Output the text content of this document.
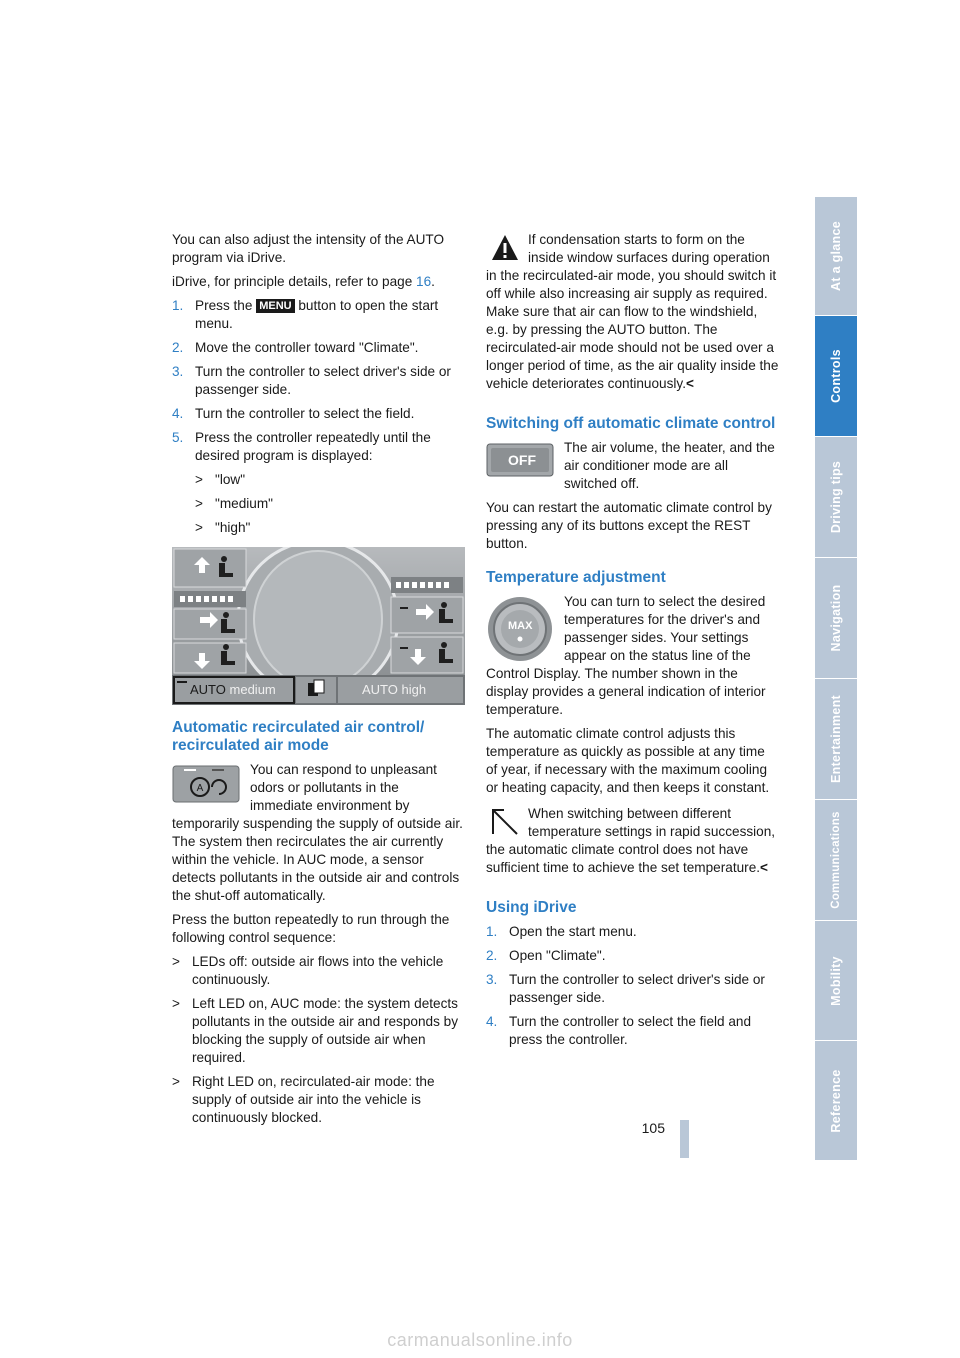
You can also adjust the intensity of the AUTO program via iDrive.

iDrive, for principle details, refer to page 16.

1. Press the MENU button to open the start menu.
2. Move the controller toward "Climate".
3. Turn the controller to select driver's side or passenger side.
4. Turn the controller to select the field.
5. Press the controller repeatedly until the desired program is displayed:
> "low"
> "medium"
> "high"
AUTO medium	AUTO high
Automatic recirculated air control/ recirculated air mode
A

You can respond to unpleasant odors or pollutants in the immediate environment by temporarily suspending the supply of outside air. The system then recirculates the air currently within the vehicle. In AUC mode, a sensor detects pollutants in the outside air and controls the shut-off automatically.

Press the button repeatedly to run through the following control sequence:

> LEDs off: outside air flows into the vehicle continuously.
> Left LED on, AUC mode: the system detects pollutants in the outside air and responds by blocking the supply of outside air when required.
> Right LED on, recirculated-air mode: the supply of outside air into the vehicle is continuously blocked.

If condensation starts to form on the inside window surfaces during operation in the recirculated-air mode, you should switch it off while also increasing air supply as required. Make sure that air can flow to the windshield, e.g. by pressing the AUTO button. The recirculated-air mode should not be used over a longer period of time, as the air quality inside the vehicle deteriorates continuously.<

Switching off automatic climate control
OFF

The air volume, the heater, and the air conditioner mode are all switched off.

You can restart the automatic climate control by pressing any of its buttons except the REST button.

Temperature adjustment
MAX

You can turn to select the desired temperatures for the driver's and passenger sides. Your settings appear on the status line of the Control Display. The number shown in the display provides a general indication of interior temperature.

The automatic climate control adjusts this temperature as quickly as possible at any time of year, if necessary with the maximum cooling or heating capacity, and then keeps it constant.

When switching between different temperature settings in rapid succession, the automatic climate control does not have sufficient time to achieve the set temperature.<

Using iDrive
1. Open the start menu.
2. Open "Climate".
3. Turn the controller to select driver's side or passenger side.
4. Turn the controller to select the field and press the controller.
At a glance
Controls
Driving tips
Navigation
Entertainment
Communications
Mobility
Reference
105
carmanualsonline.info
